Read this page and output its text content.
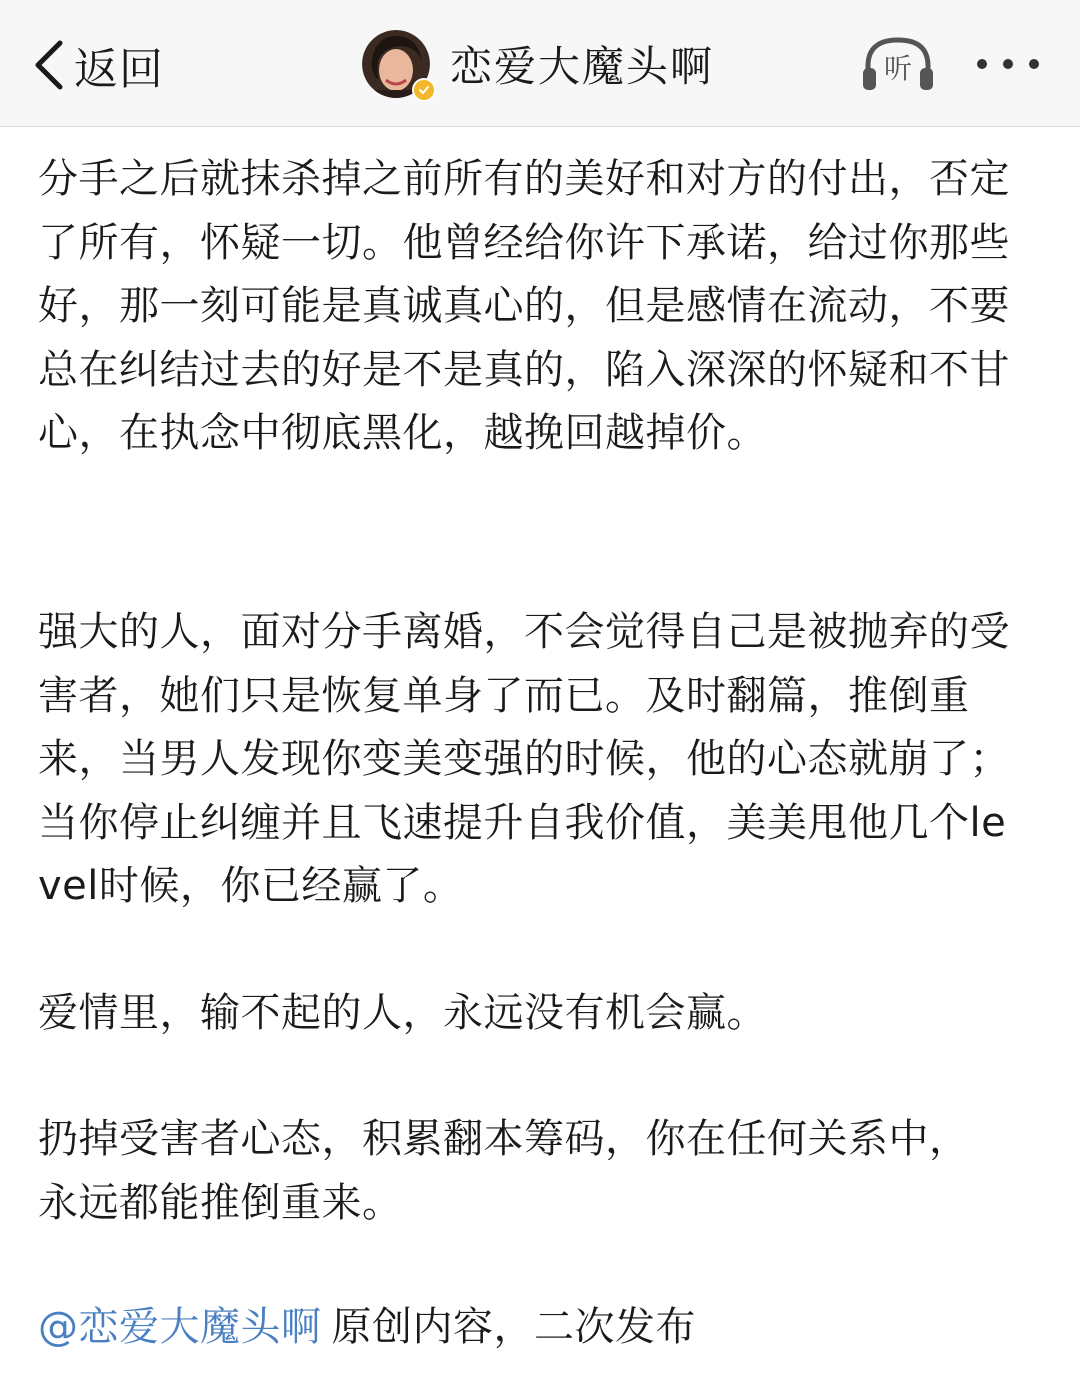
返回	恋爱大魔头啊	听

分手之后就抹杀掉之前所有的美好和对方的付出，否定了所有，怀疑一切。他曾经给你许下承诺，给过你那些好，那一刻可能是真诚真心的，但是感情在流动，不要总在纠结过去的好是不是真的，陷入深深的怀疑和不甘心，在执念中彻底黑化，越挽回越掉价。

强大的人，面对分手离婚，不会觉得自己是被抛弃的受害者，她们只是恢复单身了而已。及时翻篇，推倒重来，当男人发现你变美变强的时候，他的心态就崩了；当你停止纠缠并且飞速提升自我价值，美美甩他几个level时候，你已经赢了。

爱情里，输不起的人，永远没有机会赢。

扔掉受害者心态，积累翻本筹码，你在任何关系中，永远都能推倒重来。

@恋爱大魔头啊 原创内容，二次发布
